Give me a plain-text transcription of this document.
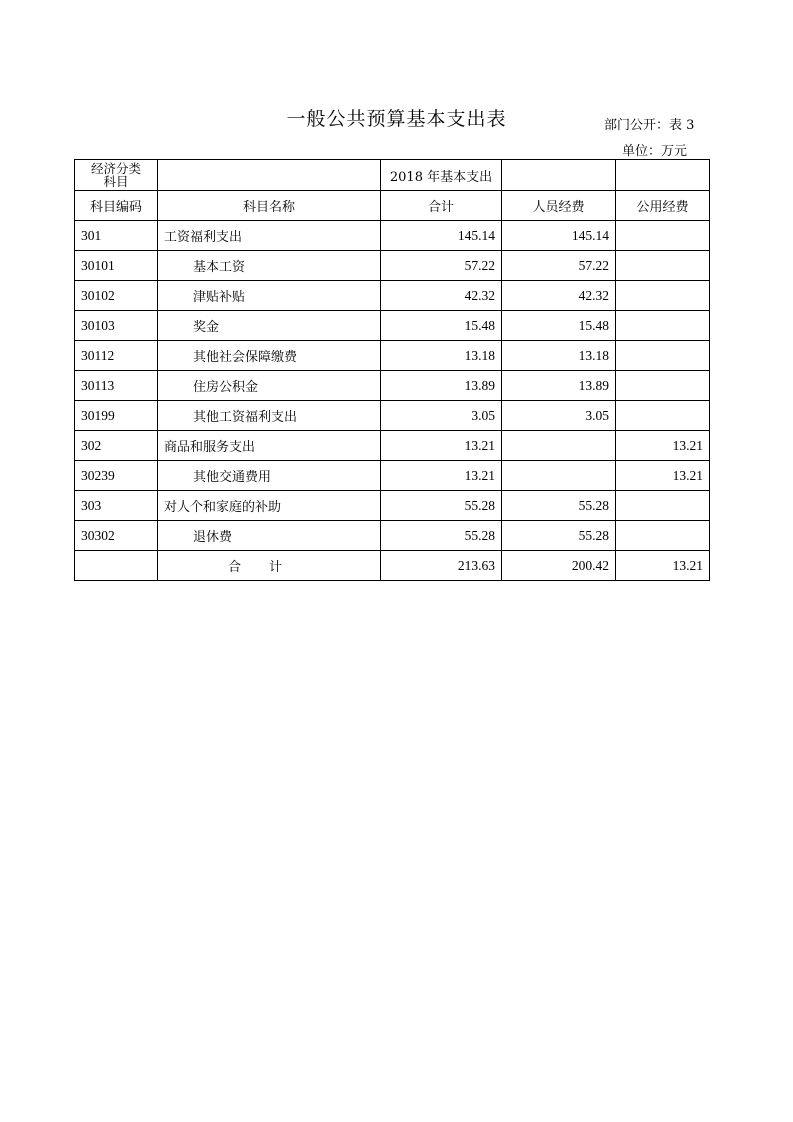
一般公共预算基本支出表	部门公开：表 3
单位：万元
经济分类
科目		2018 年基本支出		
科目编码	科目名称	合计	人员经费	公用经费
301	工资福利支出	145.14	145.14	
30101	基本工资	57.22	57.22	
30102	津贴补贴	42.32	42.32	
30103	奖金	15.48	15.48	
30112	其他社会保障缴费	13.18	13.18	
30113	住房公积金	13.89	13.89	
30199	其他工资福利支出	3.05	3.05	
302	商品和服务支出	13.21		13.21
30239	其他交通费用	13.21		13.21
303	对人个和家庭的补助	55.28	55.28	
30302	退休费	55.28	55.28	
	合计	213.63	200.42	13.21
